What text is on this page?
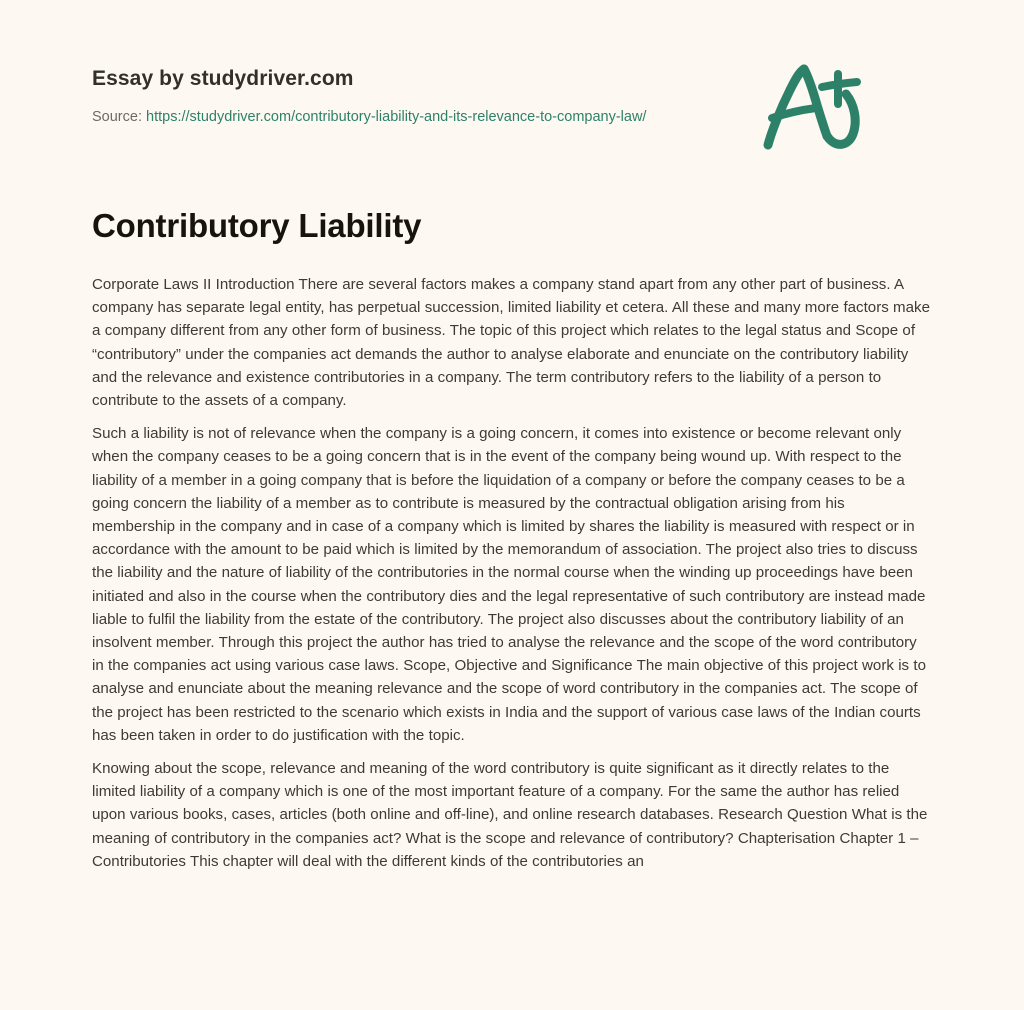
Essay by studydriver.com
Source: https://studydriver.com/contributory-liability-and-its-relevance-to-company-law/
Contributory Liability

Corporate Laws II Introduction There are several factors makes a company stand apart from any other part of business. A company has separate legal entity, has perpetual succession, limited liability et cetera. All these and many more factors make a company different from any other form of business. The topic of this project which relates to the legal status and Scope of “contributory” under the companies act demands the author to analyse elaborate and enunciate on the contributory liability and the relevance and existence contributories in a company. The term contributory refers to the liability of a person to contribute to the assets of a company.

Such a liability is not of relevance when the company is a going concern, it comes into existence or become relevant only when the company ceases to be a going concern that is in the event of the company being wound up. With respect to the liability of a member in a going company that is before the liquidation of a company or before the company ceases to be a going concern the liability of a member as to contribute is measured by the contractual obligation arising from his membership in the company and in case of a company which is limited by shares the liability is measured with respect or in accordance with the amount to be paid which is limited by the memorandum of association. The project also tries to discuss the liability and the nature of liability of the contributories in the normal course when the winding up proceedings have been initiated and also in the course when the contributory dies and the legal representative of such contributory are instead made liable to fulfil the liability from the estate of the contributory. The project also discusses about the contributory liability of an insolvent member. Through this project the author has tried to analyse the relevance and the scope of the word contributory in the companies act using various case laws. Scope, Objective and Significance The main objective of this project work is to analyse and enunciate about the meaning relevance and the scope of word contributory in the companies act. The scope of the project has been restricted to the scenario which exists in India and the support of various case laws of the Indian courts has been taken in order to do justification with the topic.

Knowing about the scope, relevance and meaning of the word contributory is quite significant as it directly relates to the limited liability of a company which is one of the most important feature of a company. For the same the author has relied upon various books, cases, articles (both online and off-line), and online research databases. Research Question What is the meaning of contributory in the companies act? What is the scope and relevance of contributory? Chapterisation Chapter 1 – Contributories This chapter will deal with the different kinds of the contributories an
